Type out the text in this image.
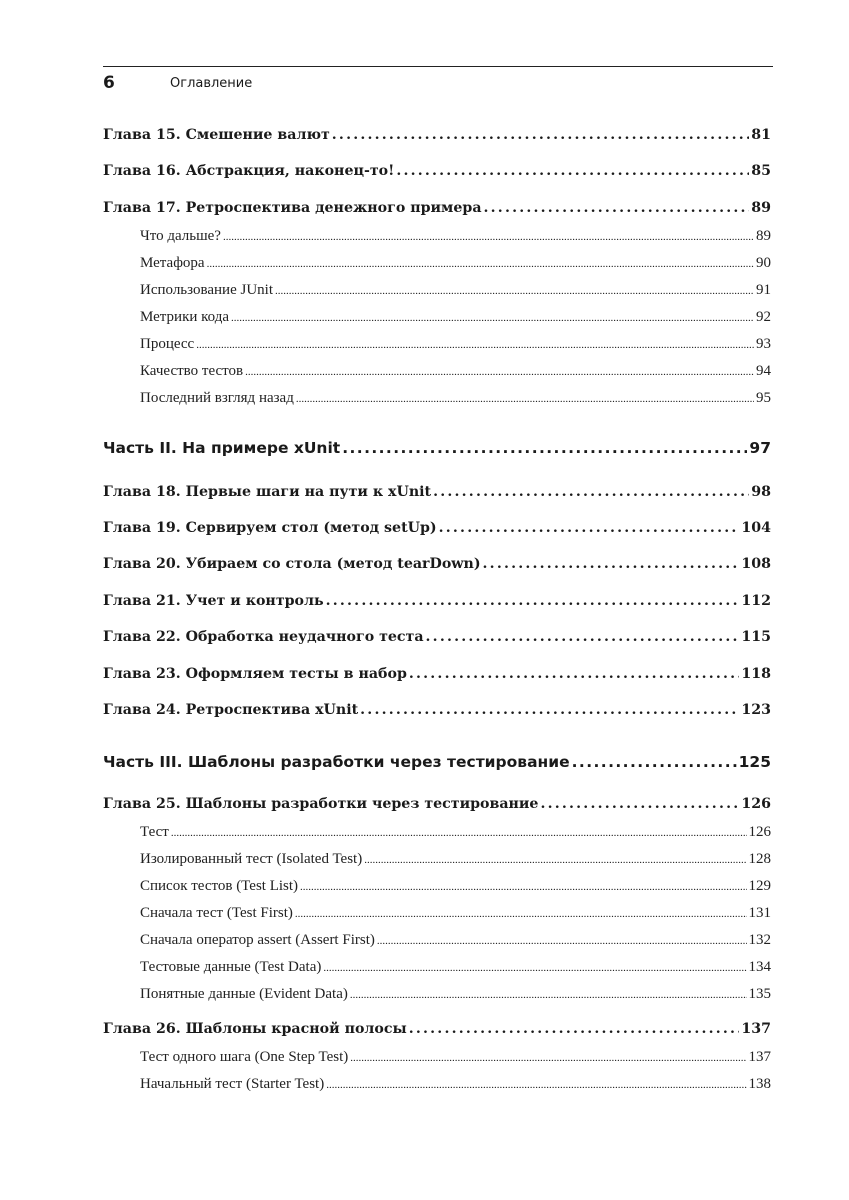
6	Оглавление
Глава 15. Смешение валют .....	81
Глава 16. Абстракция, наконец-то! .....	85
Глава 17. Ретроспектива денежного примера .....	89
Что дальше? .....	89
Метафора .....	90
Использование JUnit .....	91
Метрики кода .....	92
Процесс .....	93
Качество тестов .....	94
Последний взгляд назад .....	95
Часть II. На примере xUnit .....	97
Глава 18. Первые шаги на пути к xUnit .....	98
Глава 19. Сервируем стол (метод setUp) .....	104
Глава 20. Убираем со стола (метод tearDown) .....	108
Глава 21. Учет и контроль .....	112
Глава 22. Обработка неудачного теста .....	115
Глава 23. Оформляем тесты в набор .....	118
Глава 24. Ретроспектива xUnit .....	123
Часть III. Шаблоны разработки через тестирование .....	125
Глава 25. Шаблоны разработки через тестирование .....	126
Тест .....	126
Изолированный тест (Isolated Test) .....	128
Список тестов (Test List) .....	129
Сначала тест (Test First) .....	131
Сначала оператор assert (Assert First) .....	132
Тестовые данные (Test Data) .....	134
Понятные данные (Evident Data) .....	135
Глава 26. Шаблоны красной полосы .....	137
Тест одного шага (One Step Test) .....	137
Начальный тест (Starter Test) .....	138
